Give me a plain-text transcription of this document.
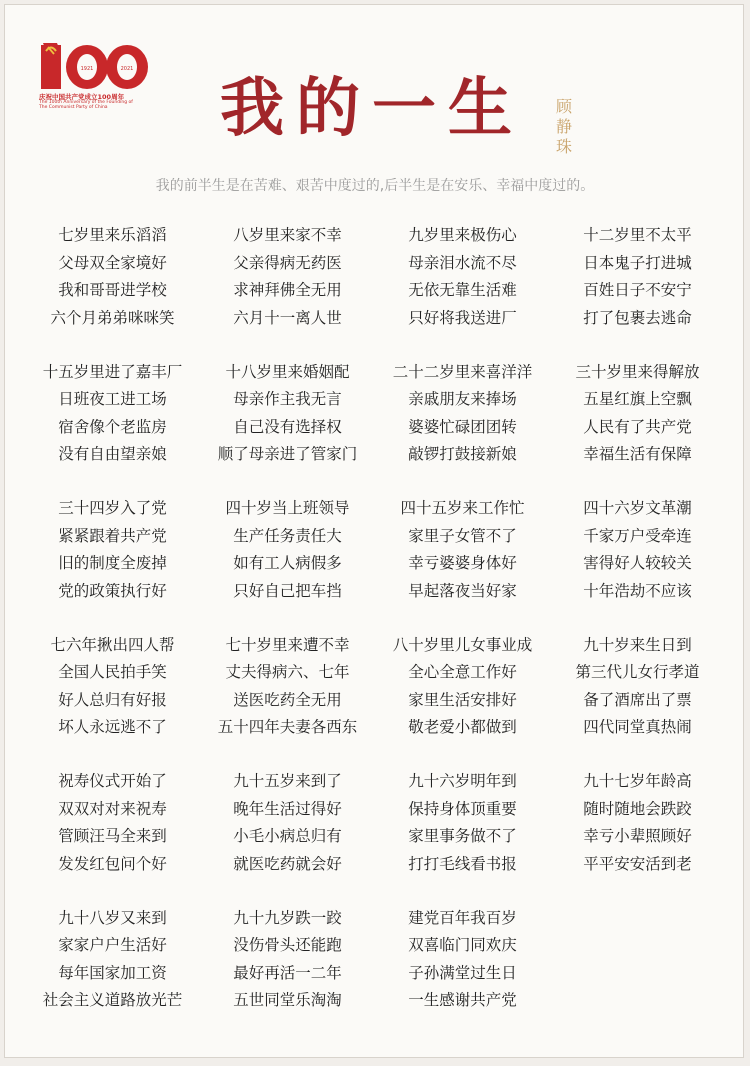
1921	2021
庆祝中国共产党成立100周年
The 100th Anniversary of the Founding of
The Communist Party of China	我的一生 顾静珠
我的前半生是在苦难、艰苦中度过的,后半生是在安乐、幸福中度过的。
七岁里来乐滔滔
父母双全家境好
我和哥哥进学校
六个月弟弟咪咪笑
八岁里来家不幸
父亲得病无药医
求神拜佛全无用
六月十一离人世
九岁里来极伤心
母亲泪水流不尽
无依无靠生活难
只好将我送进厂
十二岁里不太平
日本鬼子打进城
百姓日子不安宁
打了包裹去逃命
十五岁里进了嘉丰厂
日班夜工进工场
宿舍像个老监房
没有自由望亲娘
十八岁里来婚姻配
母亲作主我无言
自己没有选择权
顺了母亲进了管家门
二十二岁里来喜洋洋
亲戚朋友来捧场
婆婆忙碌团团转
敲锣打鼓接新娘
三十岁里来得解放
五星红旗上空飘
人民有了共产党
幸福生活有保障
三十四岁入了党
紧紧跟着共产党
旧的制度全废掉
党的政策执行好
四十岁当上班领导
生产任务责任大
如有工人病假多
只好自己把车挡
四十五岁来工作忙
家里子女管不了
幸亏婆婆身体好
早起落夜当好家
四十六岁文革潮
千家万户受牵连
害得好人较较关
十年浩劫不应该
七六年揪出四人帮
全国人民拍手笑
好人总归有好报
坏人永远逃不了
七十岁里来遭不幸
丈夫得病六、七年
送医吃药全无用
五十四年夫妻各西东
八十岁里儿女事业成
全心全意工作好
家里生活安排好
敬老爱小都做到
九十岁来生日到
第三代儿女行孝道
备了酒席出了票
四代同堂真热闹
祝寿仪式开始了
双双对对来祝寿
管顾汪马全来到
发发红包问个好
九十五岁来到了
晚年生活过得好
小毛小病总归有
就医吃药就会好
九十六岁明年到
保持身体顶重要
家里事务做不了
打打毛线看书报
九十七岁年龄高
随时随地会跌跤
幸亏小辈照顾好
平平安安活到老
九十八岁又来到
家家户户生活好
每年国家加工资
社会主义道路放光芒
九十九岁跌一跤
没伤骨头还能跑
最好再活一二年
五世同堂乐淘淘
建党百年我百岁
双喜临门同欢庆
子孙满堂过生日
一生感谢共产党
